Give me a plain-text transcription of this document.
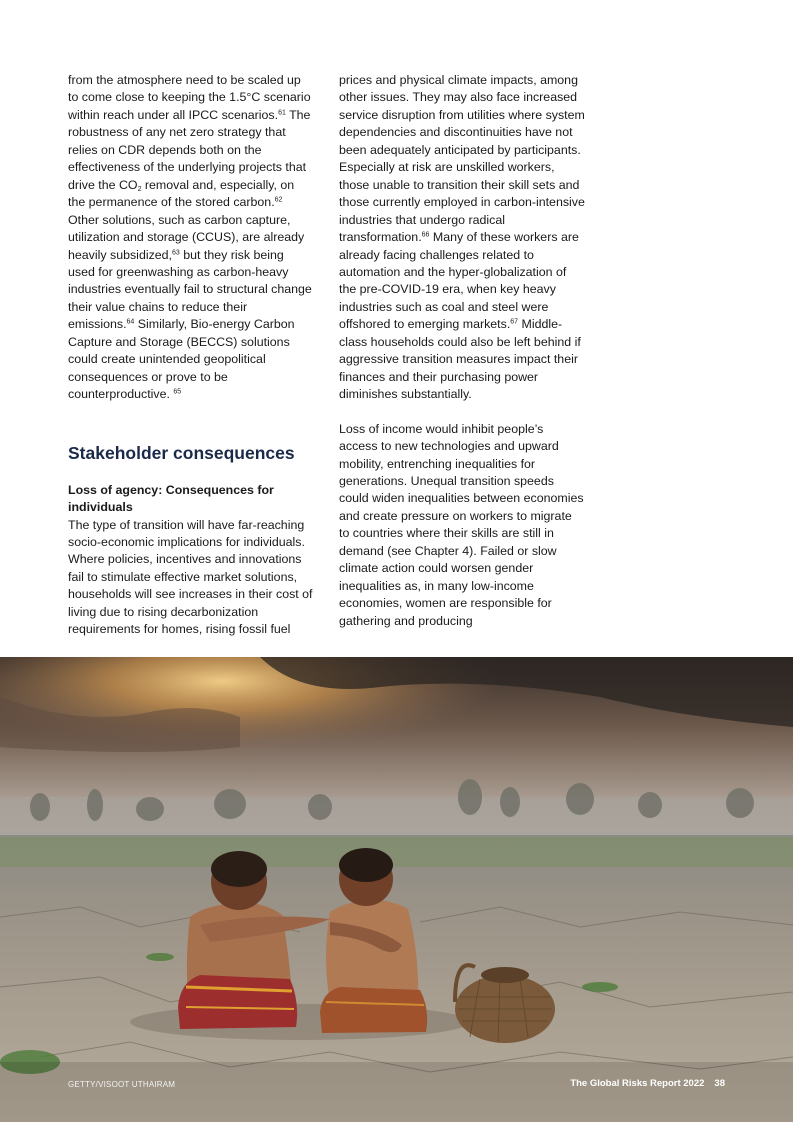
from the atmosphere need to be scaled up to come close to keeping the 1.5°C scenario within reach under all IPCC scenarios.$^{61}$ The robustness of any net zero strategy that relies on CDR depends both on the effectiveness of the underlying projects that drive the $CO_2$ removal and, especially, on the permanence of the stored carbon.$^{62}$ Other solutions, such as carbon capture, utilization and storage (CCUS), are already heavily subsidized,$^{63}$ but they risk being used for greenwashing as carbon-heavy industries eventually fail to structural change their value chains to reduce their emissions.$^{64}$ Similarly, Bio-energy Carbon Capture and Storage (BECCS) solutions could create unintended geopolitical consequences or prove to be counterproductive. $^{65}$

Stakeholder consequences
Loss of agency: Consequences for individuals

The type of transition will have far-reaching socio-economic implications for individuals. Where policies, incentives and innovations fail to stimulate effective market solutions, households will see increases in their cost of living due to rising decarbonization requirements for homes, rising fossil fuel

prices and physical climate impacts, among other issues. They may also face increased service disruption from utilities where system dependencies and discontinuities have not been adequately anticipated by participants. Especially at risk are unskilled workers, those unable to transition their skill sets and those currently employed in carbon-intensive industries that undergo radical transformation.$^{66}$ Many of these workers are already facing challenges related to automation and the hyper-globalization of the pre-COVID-19 era, when key heavy industries such as coal and steel were offshored to emerging markets.$^{67}$ Middle-class households could also be left behind if aggressive transition measures impact their finances and their purchasing power diminishes substantially.

Loss of income would inhibit people’s access to new technologies and upward mobility, entrenching inequalities for generations. Unequal transition speeds could widen inequalities between economies and create pressure on workers to migrate to countries where their skills are still in demand (see Chapter 4). Failed or slow climate action could worsen gender inequalities as, in many low-income economies, women are responsible for gathering and producing

GETTY/VISOOT UTHAIRAM	The Global Risks Report 2022 38
